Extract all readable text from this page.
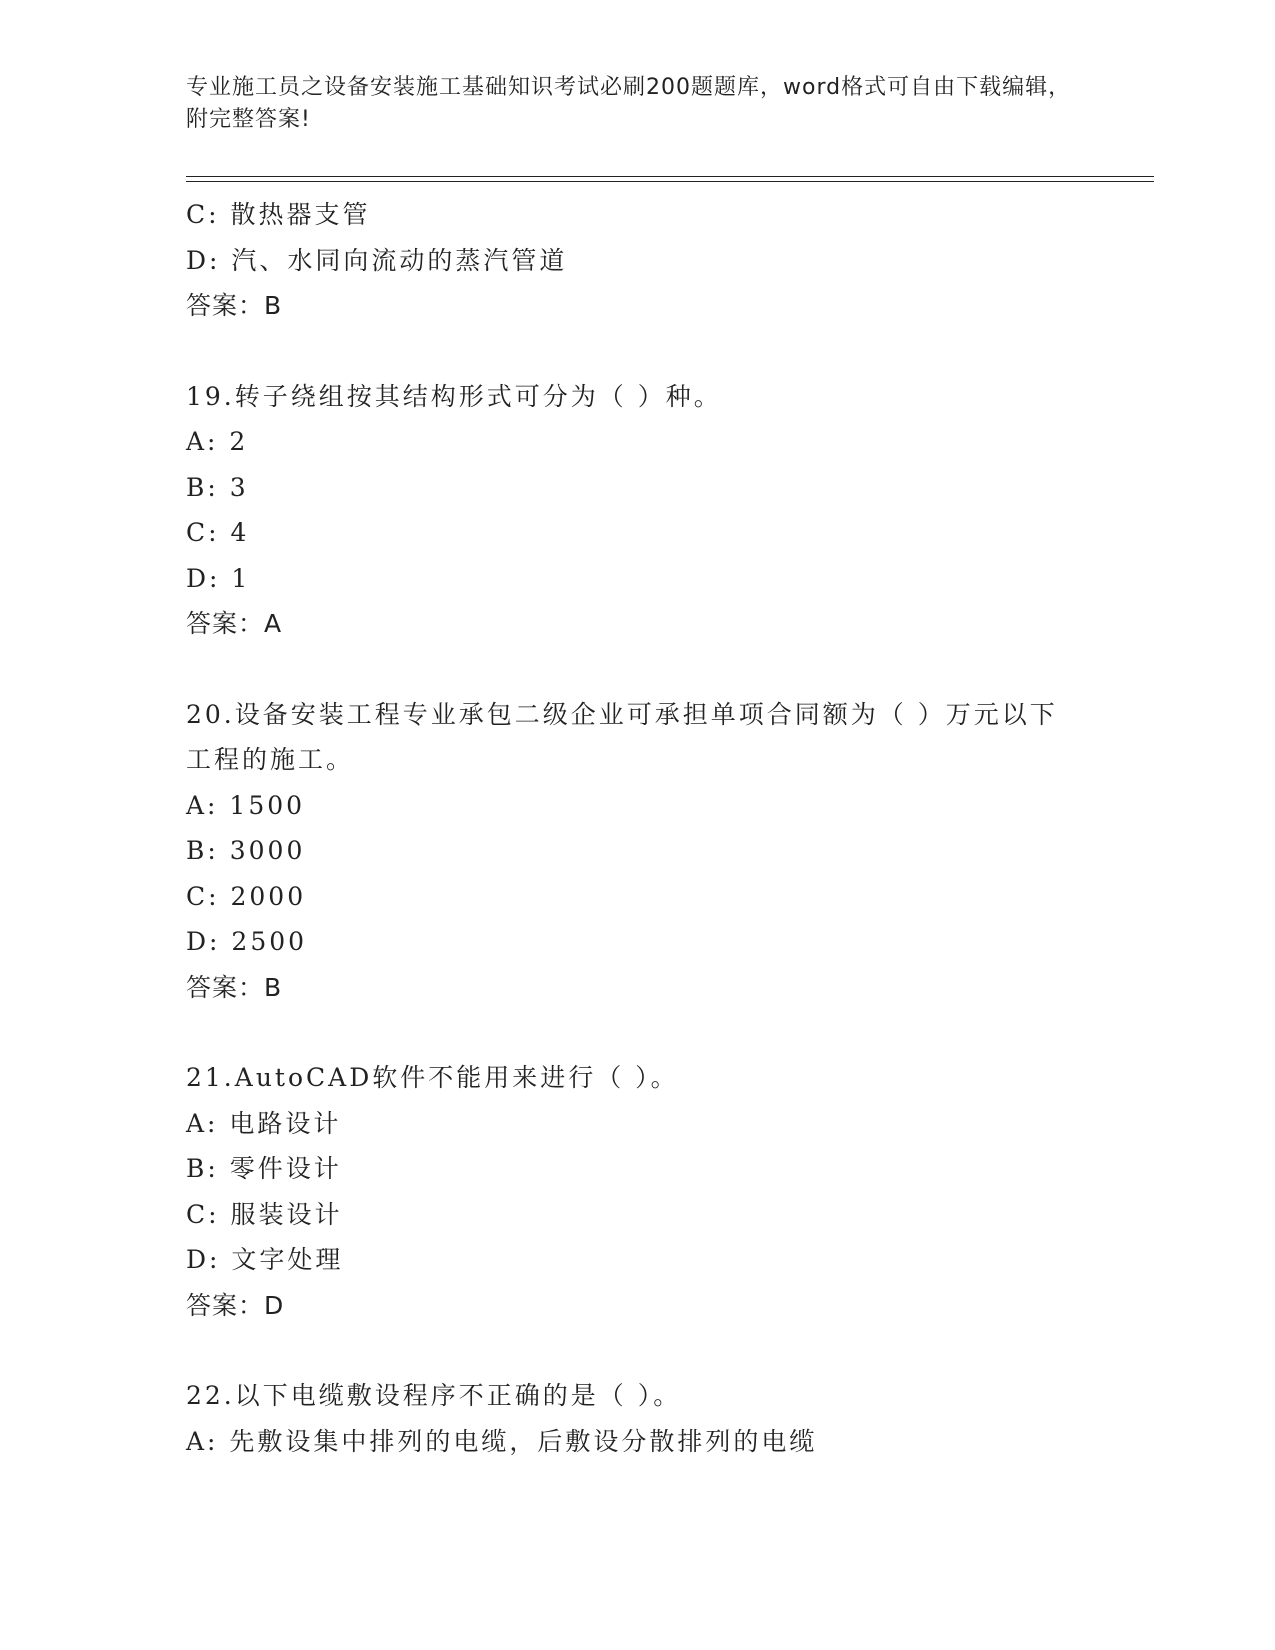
专业施工员之设备安装施工基础知识考试必刷200题题库，word格式可自由下载编辑，附完整答案!
C: 散热器支管
D: 汽、水同向流动的蒸汽管道
答案：B
19.转子绕组按其结构形式可分为（ ）种。
A: 2
B: 3
C: 4
D: 1
答案：A
20.设备安装工程专业承包二级企业可承担单项合同额为（ ）万元以下工程的施工。
A: 1500
B: 3000
C: 2000
D: 2500
答案：B
21.AutoCAD软件不能用来进行（ ）。
A: 电路设计
B: 零件设计
C: 服装设计
D: 文字处理
答案：D
22.以下电缆敷设程序不正确的是（ ）。
A: 先敷设集中排列的电缆，后敷设分散排列的电缆
